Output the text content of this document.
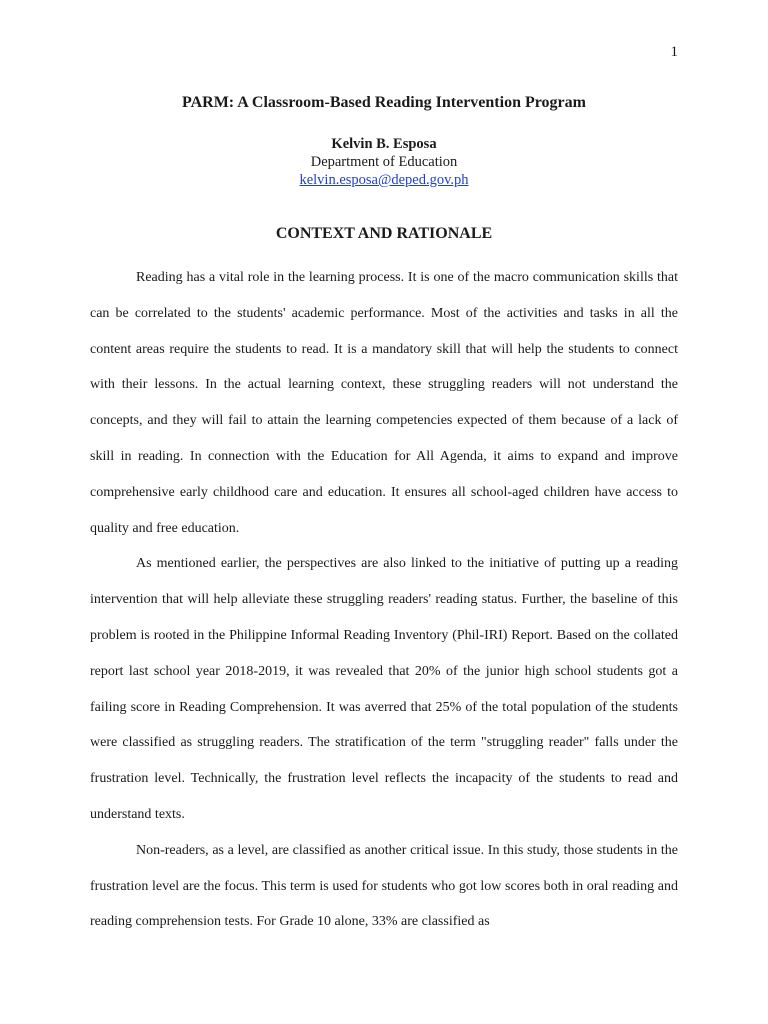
1
PARM: A Classroom-Based Reading Intervention Program
Kelvin B. Esposa
Department of Education
kelvin.esposa@deped.gov.ph
CONTEXT AND RATIONALE

Reading has a vital role in the learning process. It is one of the macro communication skills that can be correlated to the students' academic performance. Most of the activities and tasks in all the content areas require the students to read. It is a mandatory skill that will help the students to connect with their lessons. In the actual learning context, these struggling readers will not understand the concepts, and they will fail to attain the learning competencies expected of them because of a lack of skill in reading. In connection with the Education for All Agenda, it aims to expand and improve comprehensive early childhood care and education. It ensures all school-aged children have access to quality and free education.

As mentioned earlier, the perspectives are also linked to the initiative of putting up a reading intervention that will help alleviate these struggling readers' reading status. Further, the baseline of this problem is rooted in the Philippine Informal Reading Inventory (Phil-IRI) Report. Based on the collated report last school year 2018-2019, it was revealed that 20% of the junior high school students got a failing score in Reading Comprehension. It was averred that 25% of the total population of the students were classified as struggling readers. The stratification of the term "struggling reader" falls under the frustration level. Technically, the frustration level reflects the incapacity of the students to read and understand texts.

Non-readers, as a level, are classified as another critical issue. In this study, those students in the frustration level are the focus. This term is used for students who got low scores both in oral reading and reading comprehension tests. For Grade 10 alone, 33% are classified as
